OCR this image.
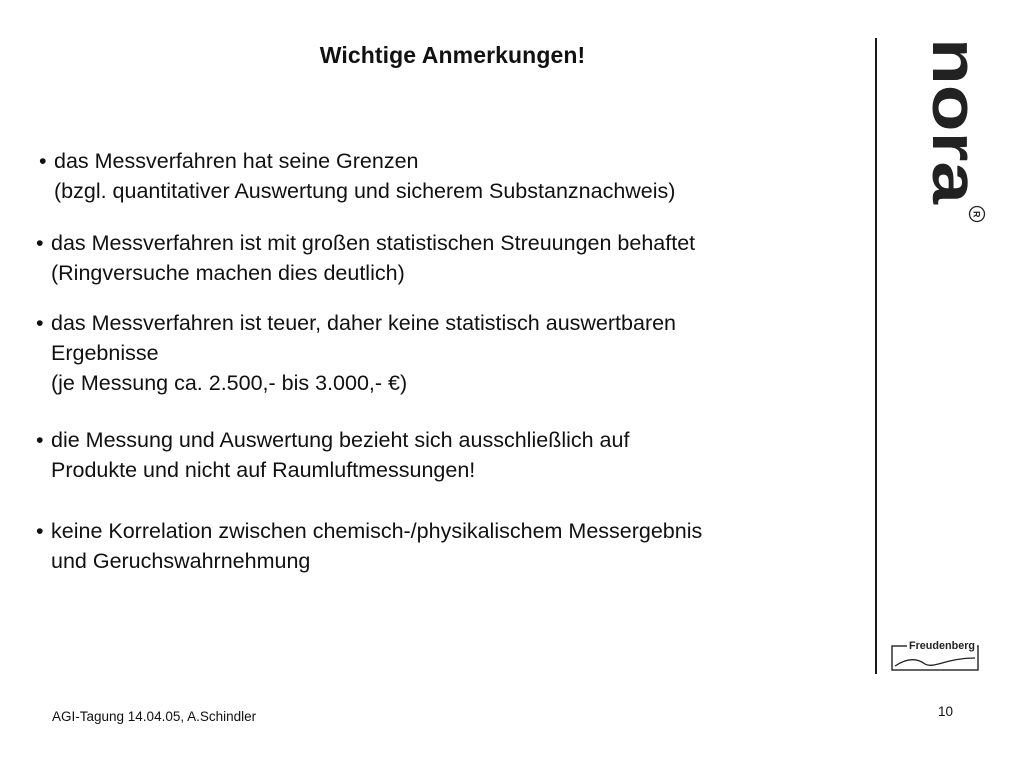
Wichtige Anmerkungen!
• das Messverfahren hat seine Grenzen
(bzgl. quantitativer Auswertung und sicherem Substanznachweis)
• das Messverfahren ist mit großen statistischen Streuungen behaftet
(Ringversuche machen dies deutlich)
• das Messverfahren ist teuer, daher keine statistisch auswertbaren
Ergebnisse
(je Messung ca. 2.500,- bis 3.000,- €)
• die Messung und Auswertung bezieht sich ausschließlich auf
Produkte und nicht auf Raumluftmessungen!
• keine Korrelation zwischen chemisch-/physikalischem Messergebnis
und Geruchswahrnehmung
nora
R
Freudenberg
AGI-Tagung 14.04.05, A.Schindler	10
